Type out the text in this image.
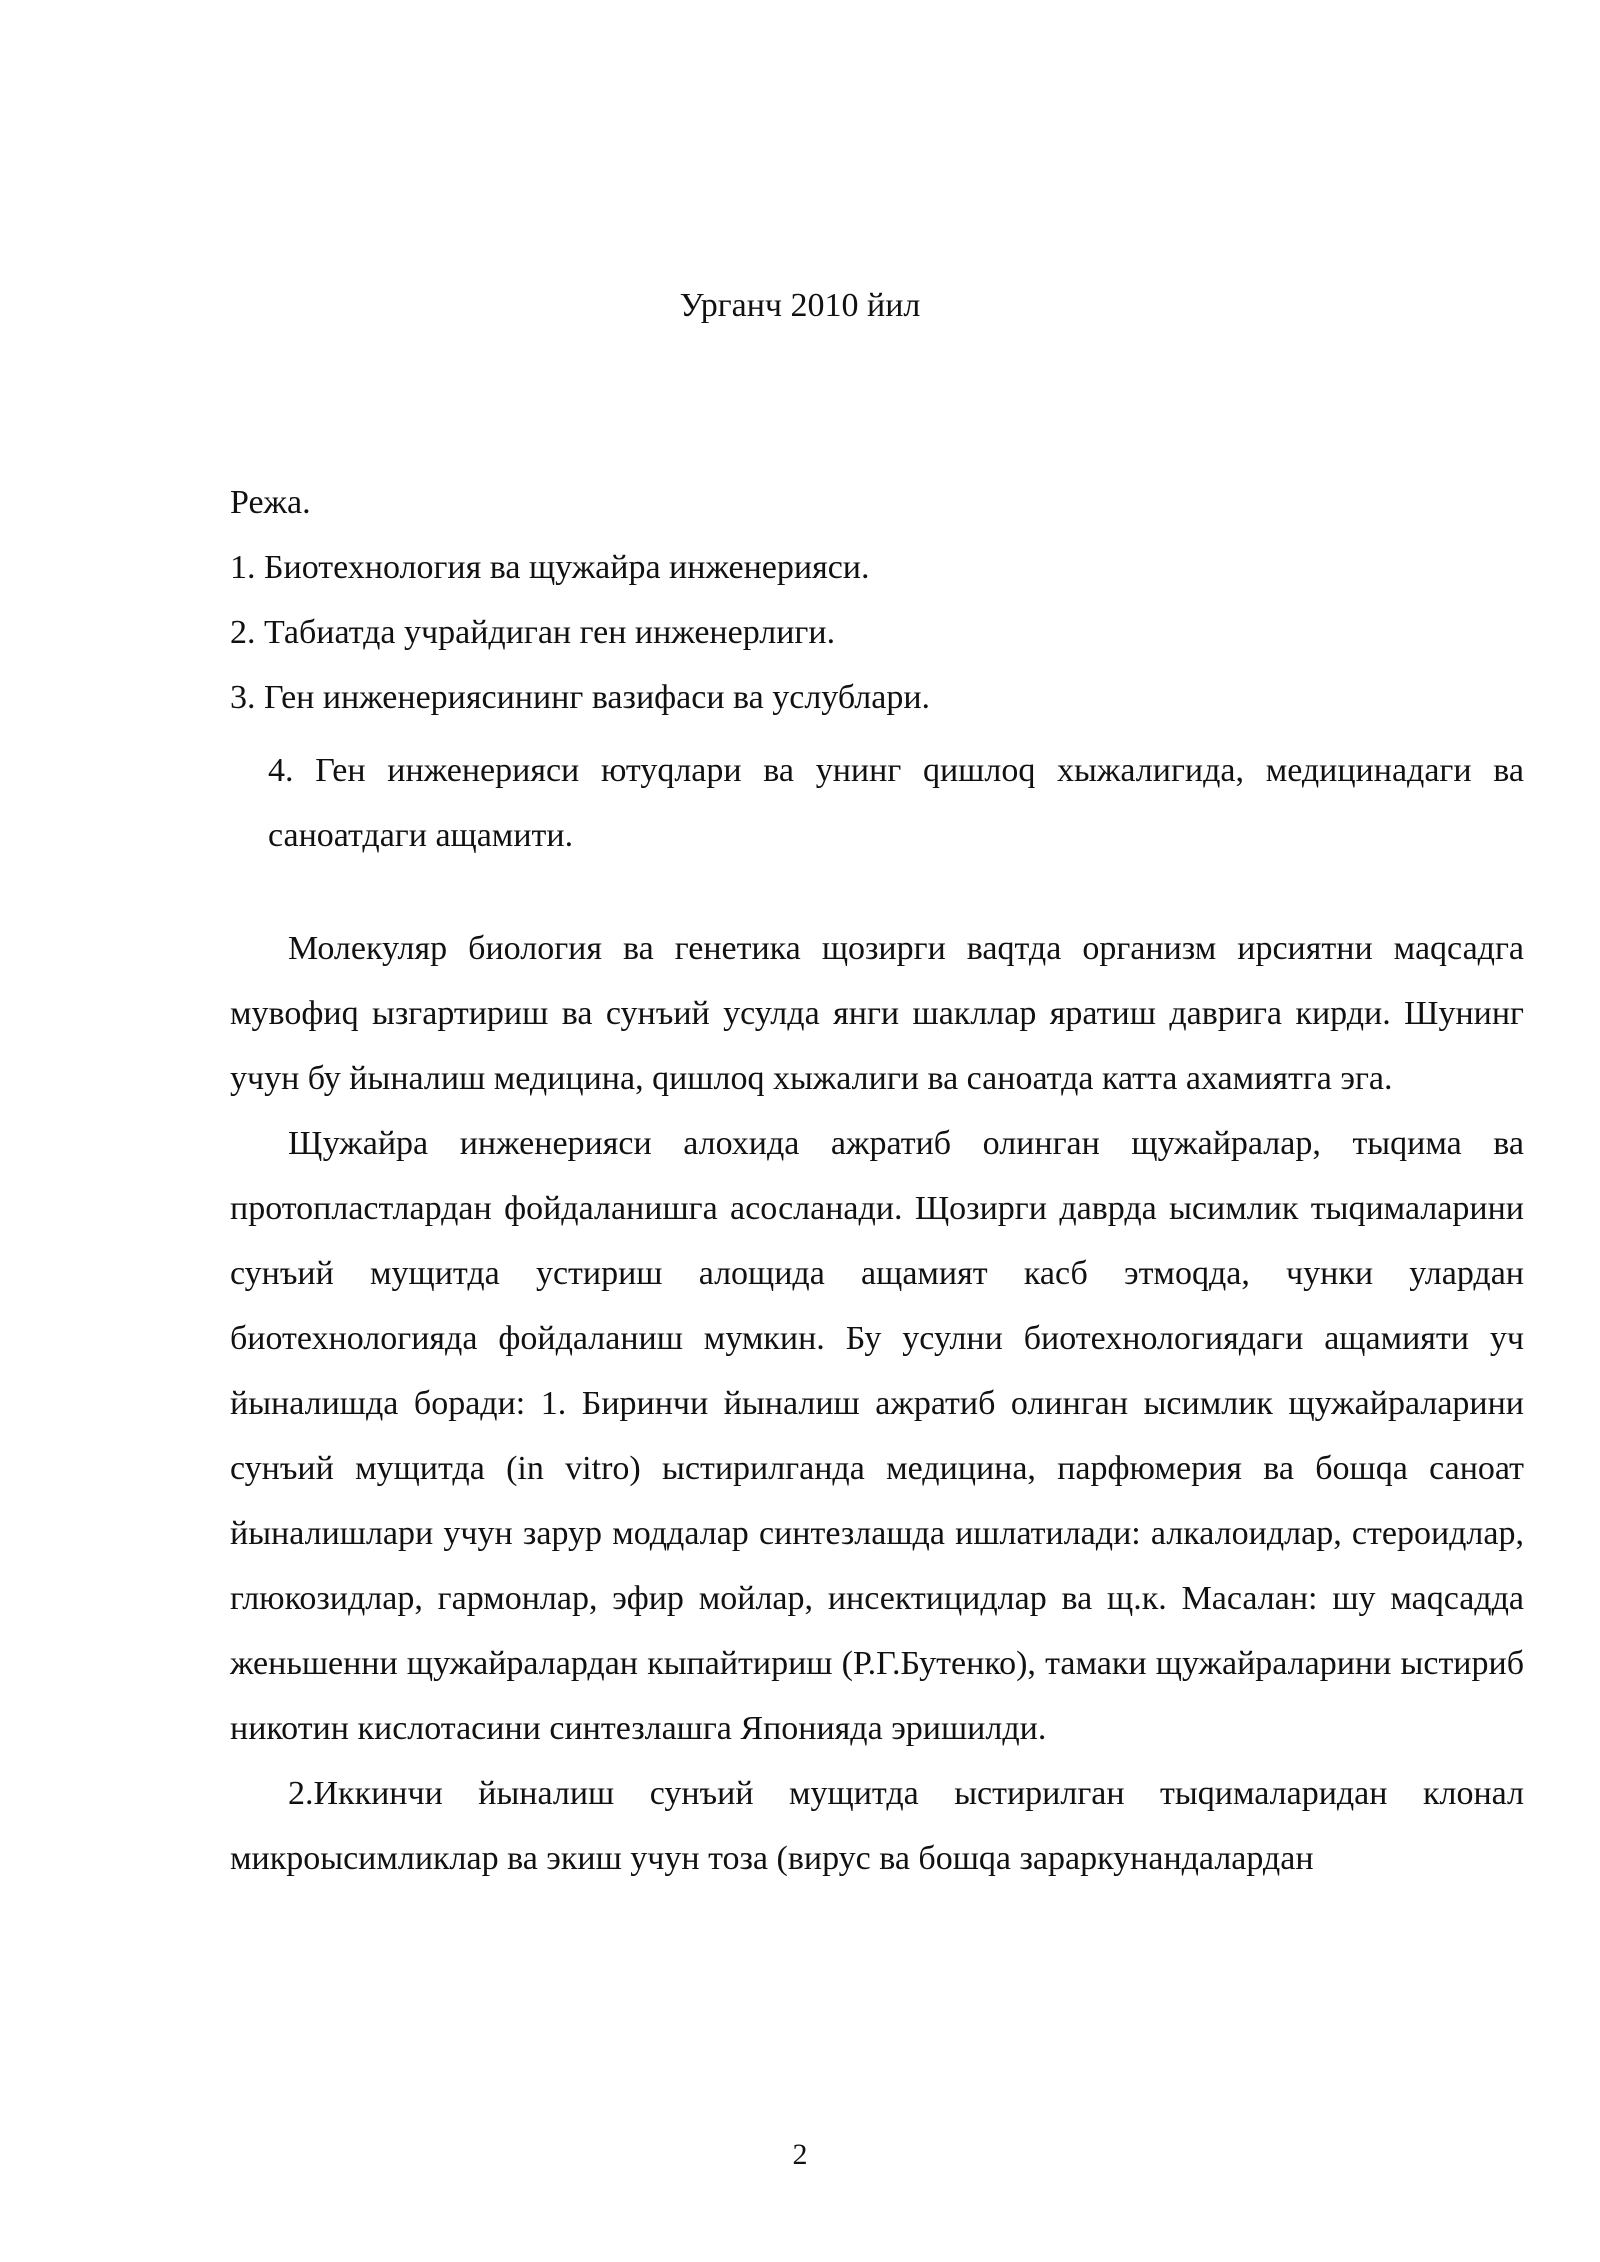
Урганч 2010 йил

Режа.

1. Биотехнология ва щужайра инженерияси.

2. Табиатда учрайдиган ген инженерлиги.

3. Ген инженериясининг вазифаси ва услублари.

4. Ген инженерияси ютуqлари ва унинг qишлоq хыжалигида, медицинадаги ва саноатдаги ащамити.

Молекуляр биология ва генетика щозирги ваqтда организм ирсиятни маqсадга мувофиq ызгартириш ва сунъий усулда янги шакллар яратиш даврига кирди. Шунинг учун бу йыналиш медицина, qишлоq хыжалиги ва саноатда катта ахамиятга эга.

Щужайра инженерияси алохида ажратиб олинган щужайралар, тыqима ва протопластлардан фойдаланишга асосланади. Щозирги даврда ысимлик тыqималарини сунъий мущитда устириш алощида ащамият касб этмоqда, чунки улардан биотехнологияда фойдаланиш мумкин. Бу усулни биотехнологиядаги ащамияти уч йыналишда боради: 1. Биринчи йыналиш ажратиб олинган ысимлик щужайраларини сунъий мущитда (in vitro) ыстирилганда медицина, парфюмерия ва бошqа саноат йыналишлари учун зарур моддалар синтезлашда ишлатилади: алкалоидлар, стероидлар, глюкозидлар, гармонлар, эфир мойлар, инсектицидлар ва щ.к. Масалан: шу маqсадда женьшенни щужайралардан кыпайтириш (Р.Г.Бутенко), тамаки щужайраларини ыстириб никотин кислотасини синтезлашга Японияда эришилди.

2.Иккинчи йыналиш сунъий мущитда ыстирилган тыqималаридан клонал микроысимликлар ва экиш учун тоза (вирус ва бошqа зараркунандалардан

2
